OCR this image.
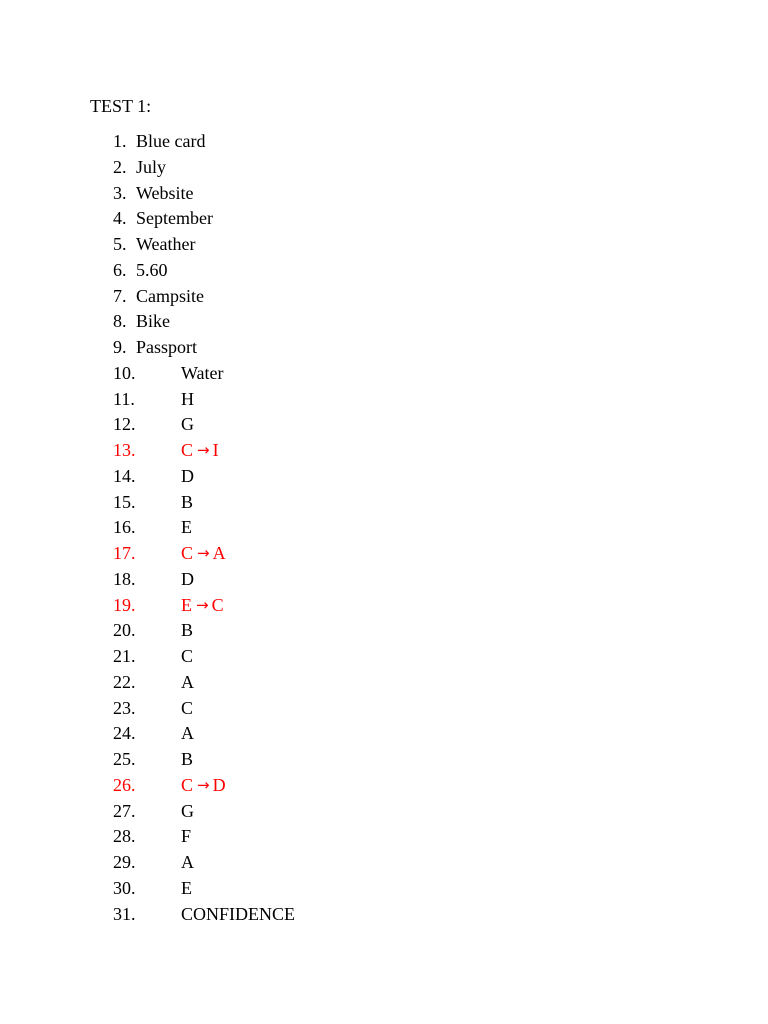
TEST 1:
1. Blue card
2. July
3. Website
4. September
5. Weather
6. 5.60
7. Campsite
8. Bike
9. Passport
10.	Water
11.	H
12.	G
13.	C → I
14.	D
15.	B
16.	E
17.	C → A
18.	D
19.	E → C
20.	B
21.	C
22.	A
23.	C
24.	A
25.	B
26.	C → D
27.	G
28.	F
29.	A
30.	E
31.	CONFIDENCE
